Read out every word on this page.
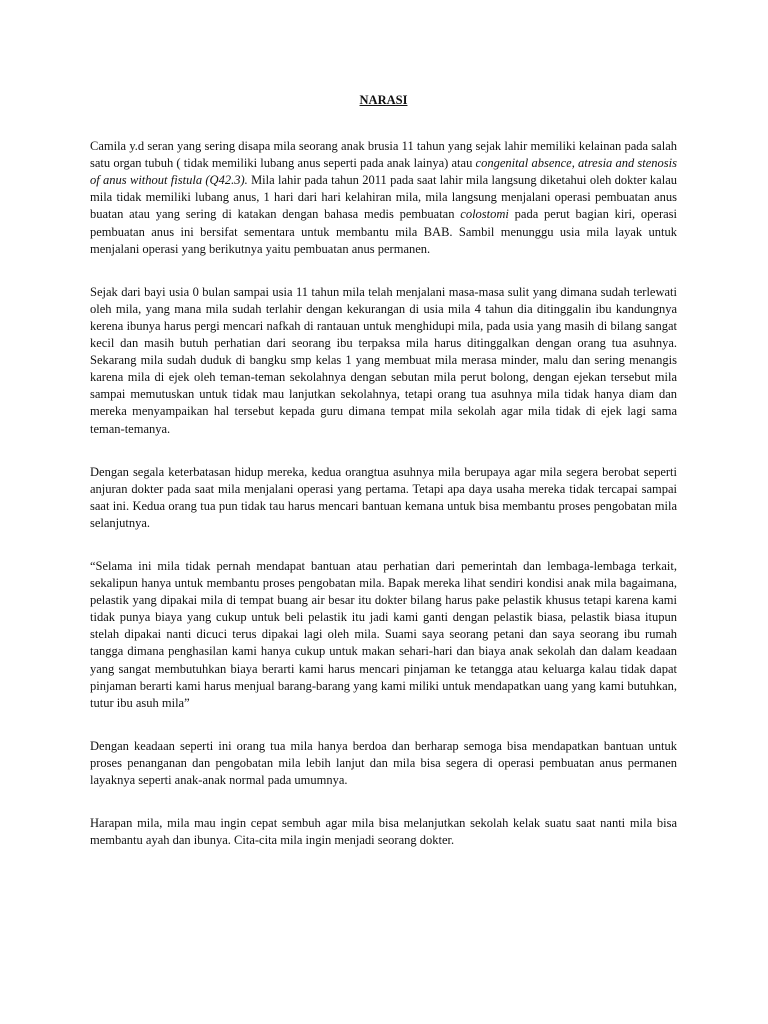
NARASI

Camila y.d seran yang sering disapa mila seorang anak brusia 11 tahun yang sejak lahir memiliki kelainan pada salah satu organ tubuh ( tidak memiliki lubang anus seperti pada anak lainya) atau congenital absence, atresia and stenosis of anus without fistula (Q42.3). Mila lahir pada tahun 2011 pada saat lahir mila langsung diketahui oleh dokter kalau mila tidak memiliki lubang anus, 1 hari dari hari kelahiran mila, mila langsung menjalani operasi pembuatan anus buatan atau yang sering di katakan dengan bahasa medis pembuatan colostomi pada perut bagian kiri, operasi pembuatan anus ini bersifat sementara untuk membantu mila BAB. Sambil menunggu usia mila layak untuk menjalani operasi yang berikutnya yaitu pembuatan anus permanen.

Sejak dari bayi usia 0 bulan sampai usia 11 tahun mila telah menjalani masa-masa sulit yang dimana sudah terlewati oleh mila, yang mana mila sudah terlahir dengan kekurangan di usia mila 4 tahun dia ditinggalin ibu kandungnya kerena ibunya harus pergi mencari nafkah di rantauan untuk menghidupi mila, pada usia yang masih di bilang sangat kecil dan masih butuh perhatian dari seorang ibu terpaksa mila harus ditinggalkan dengan orang tua asuhnya. Sekarang mila sudah duduk di bangku smp kelas 1 yang membuat mila merasa minder, malu dan sering menangis karena mila di ejek oleh teman-teman sekolahnya dengan sebutan mila perut bolong, dengan ejekan tersebut mila sampai memutuskan untuk tidak mau lanjutkan sekolahnya, tetapi orang tua asuhnya mila tidak hanya diam dan mereka menyampaikan hal tersebut kepada guru dimana tempat mila sekolah agar mila tidak di ejek lagi sama teman-temanya.

Dengan segala keterbatasan hidup mereka, kedua orangtua asuhnya mila berupaya agar mila segera berobat seperti anjuran dokter pada saat mila menjalani operasi yang pertama. Tetapi apa daya usaha mereka tidak tercapai sampai saat ini. Kedua orang tua pun tidak tau harus mencari bantuan kemana untuk bisa membantu proses pengobatan mila selanjutnya.

“Selama ini mila tidak pernah mendapat bantuan atau perhatian dari pemerintah dan lembaga-lembaga terkait, sekalipun hanya untuk membantu proses pengobatan mila. Bapak mereka lihat sendiri kondisi anak mila bagaimana, pelastik yang dipakai mila di tempat buang air besar itu dokter bilang harus pake pelastik khusus tetapi karena kami tidak punya biaya yang cukup untuk beli pelastik itu jadi kami ganti dengan pelastik biasa, pelastik biasa itupun stelah dipakai nanti dicuci terus dipakai lagi oleh mila. Suami saya seorang petani dan saya seorang ibu rumah tangga dimana penghasilan kami hanya cukup untuk makan sehari-hari dan biaya anak sekolah dan dalam keadaan yang sangat membutuhkan biaya berarti kami harus mencari pinjaman ke tetangga atau keluarga kalau tidak dapat pinjaman berarti kami harus menjual barang-barang yang kami miliki untuk mendapatkan uang yang kami butuhkan, tutur ibu asuh mila”

Dengan keadaan seperti ini orang tua mila hanya berdoa dan berharap semoga bisa mendapatkan bantuan untuk proses penanganan dan pengobatan mila lebih lanjut dan mila bisa segera di operasi pembuatan anus permanen layaknya seperti anak-anak normal pada umumnya.

Harapan mila, mila mau ingin cepat sembuh agar mila bisa melanjutkan sekolah kelak suatu saat nanti mila bisa membantu ayah dan ibunya. Cita-cita mila ingin menjadi seorang dokter.
